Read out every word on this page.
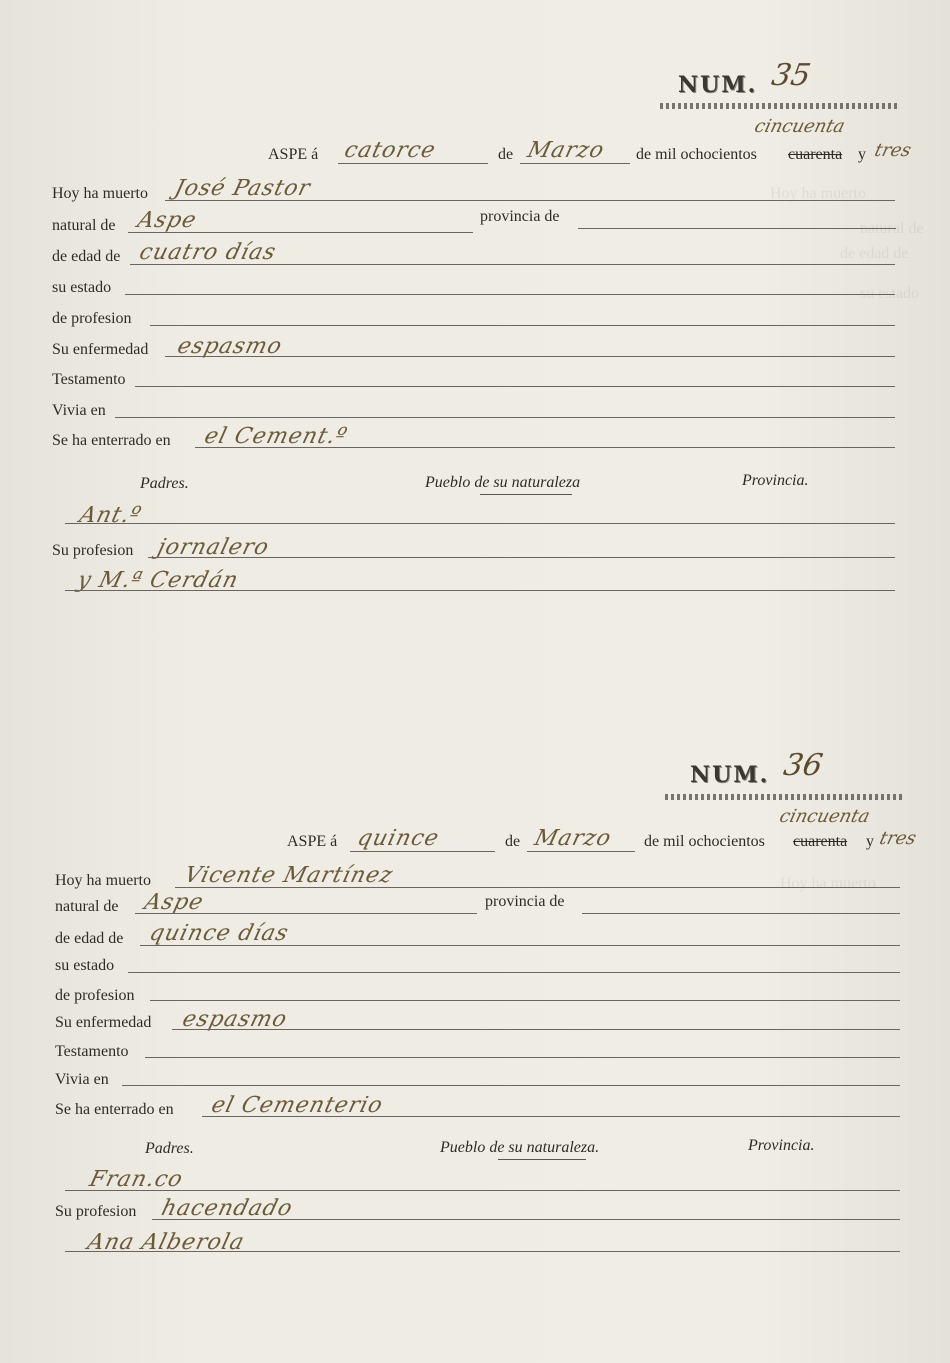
Hoy ha muerto
natural de
de edad de
su estado
Hoy ha muerto
NUM. 35
cincuenta
ASPE á catorce	de Marzo de mil ochocientos cuarenta y tres
Hoy ha muerto José Pastor
natural de Aspe	provincia de
de edad de cuatro días
su estado
de profesion
Su enfermedad espasmo
Testamento
Vivia en
Se ha enterrado en el Cement.º
Padres.	Pueblo de su naturaleza	Provincia.
Ant.º
Su profesion jornalero
y M.ª Cerdán
NUM. 36
cincuenta
ASPE á quince	de Marzo de mil ochocientos cuarenta y tres
Hoy ha muerto Vicente Martínez
natural de Aspe	provincia de
de edad de quince días
su estado
de profesion
Su enfermedad espasmo
Testamento
Vivia en
Se ha enterrado en el Cementerio
Padres.	Pueblo de su naturaleza.	Provincia.
Fran.co
Su profesion hacendado
Ana Alberola
